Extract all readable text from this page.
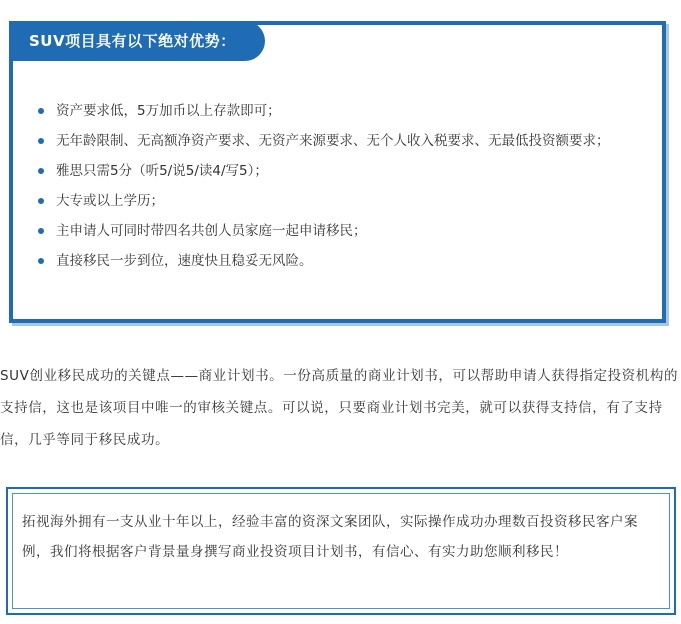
SUV项目具有以下绝对优势：
资产要求低，5万加币以上存款即可；
无年龄限制、无高额净资产要求、无资产来源要求、无个人收入税要求、无最低投资额要求；
雅思只需5分（听5/说5/读4/写5）；
大专或以上学历；
主申请人可同时带四名共创人员家庭一起申请移民；
直接移民一步到位，速度快且稳妥无风险。

SUV创业移民成功的关键点——商业计划书。一份高质量的商业计划书，可以帮助申请人获得指定投资机构的支持信，这也是该项目中唯一的审核关键点。可以说，只要商业计划书完美，就可以获得支持信，有了支持信，几乎等同于移民成功。

拓视海外拥有一支从业十年以上，经验丰富的资深文案团队，实际操作成功办理数百投资移民客户案例，我们将根据客户背景量身撰写商业投资项目计划书，有信心、有实力助您顺利移民！
